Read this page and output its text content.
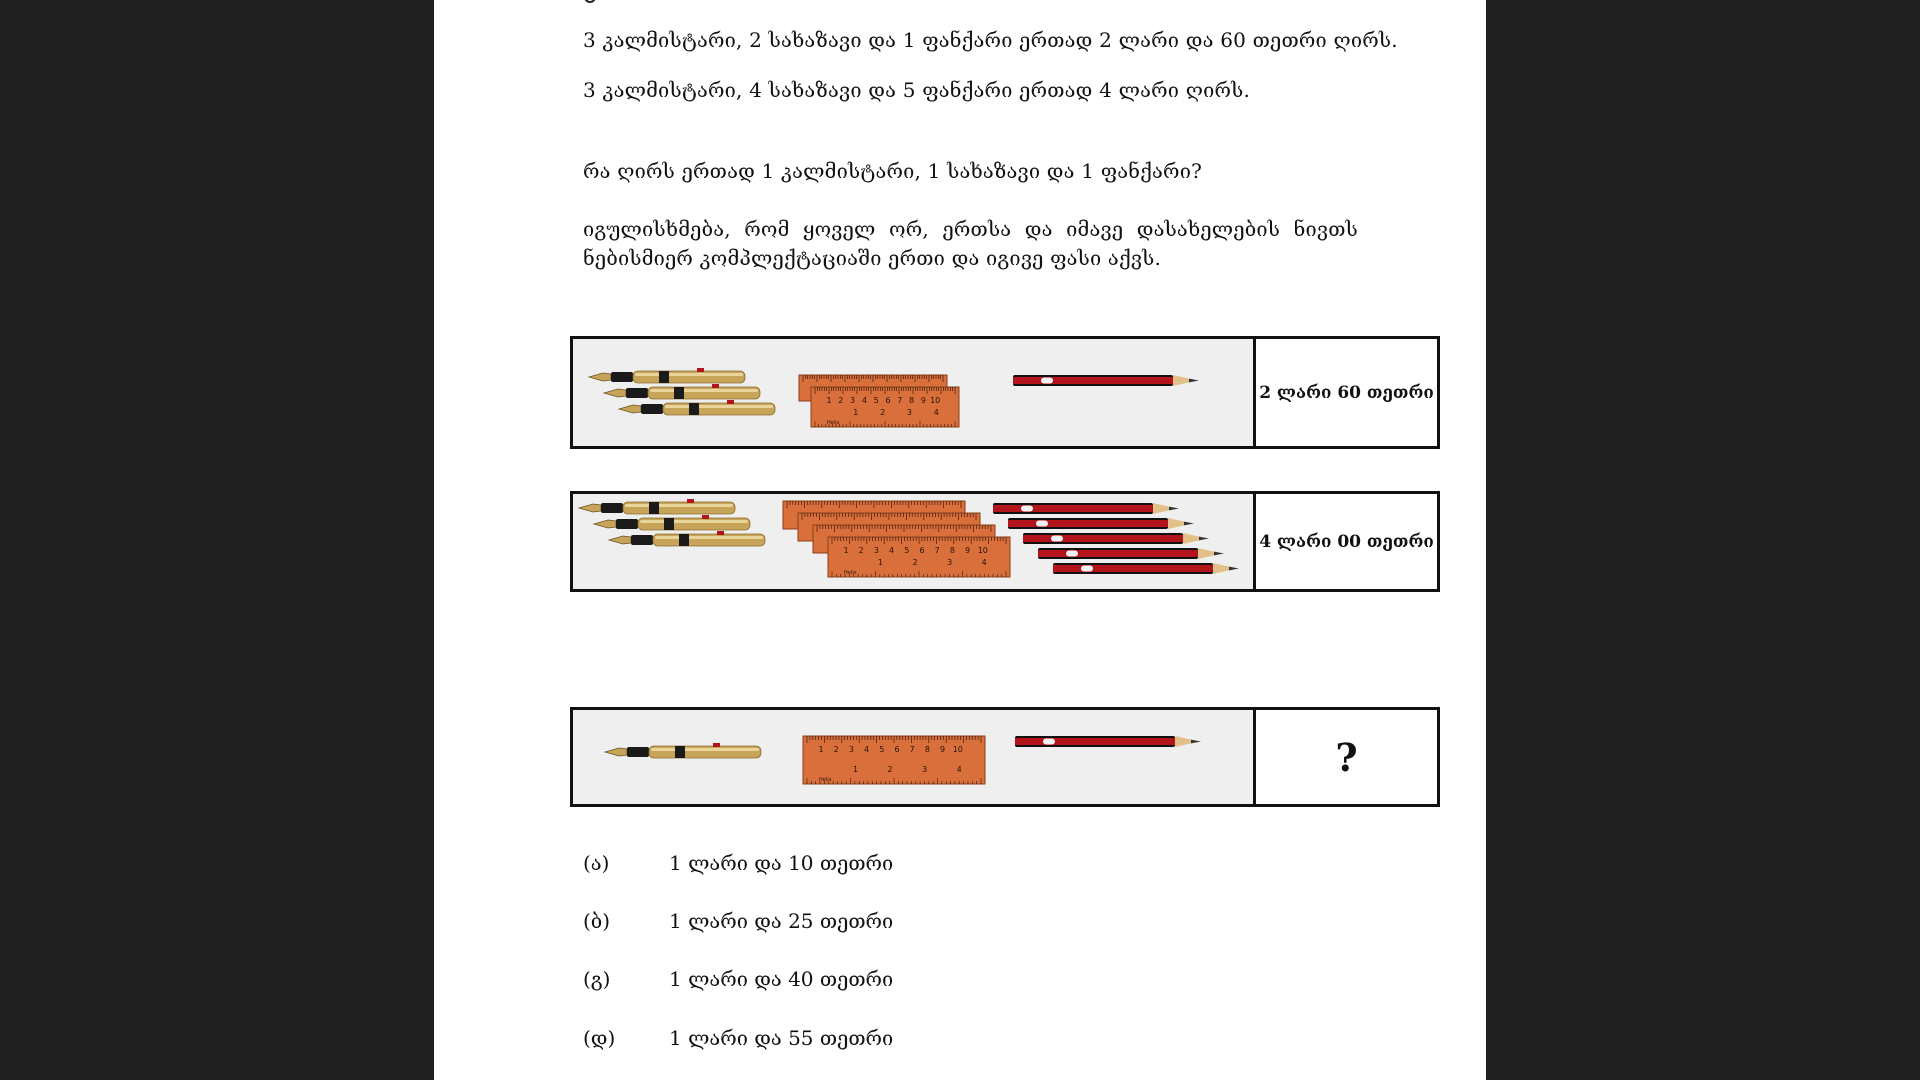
3 კალმისტარი, 2 სახაზავი და 1 ფანქარი ერთად 2 ლარი და 60 თეთრი ღირს.

3 კალმისტარი, 4 სახაზავი და 5 ფანქარი ერთად 4 ლარი ღირს.

რა ღირს ერთად 1 კალმისტარი, 1 სახაზავი და 1 ფანქარი?

იგულისხმება, რომ ყოველ ორ, ერთსა და იმავე დასახელების ნივთს ნებისმიერ კომპლექტაციაში ერთი და იგივე ფასი აქვს.

1 2 3 4 5 6 7 8 9 10
1	2	3	4
Helix
2 ლარი 60 თეთრი
1 2 3 4 5 6 7 8 9 10
1	2	3	4
Helix
4 ლარი 00 თეთრი
1 2 3 4 5 6 7 8 9 10
1	2	3	4
Helix
?
(ა)	1 ლარი და 10 თეთრი
(ბ)	1 ლარი და 25 თეთრი
(გ)	1 ლარი და 40 თეთრი
(დ)	1 ლარი და 55 თეთრი
